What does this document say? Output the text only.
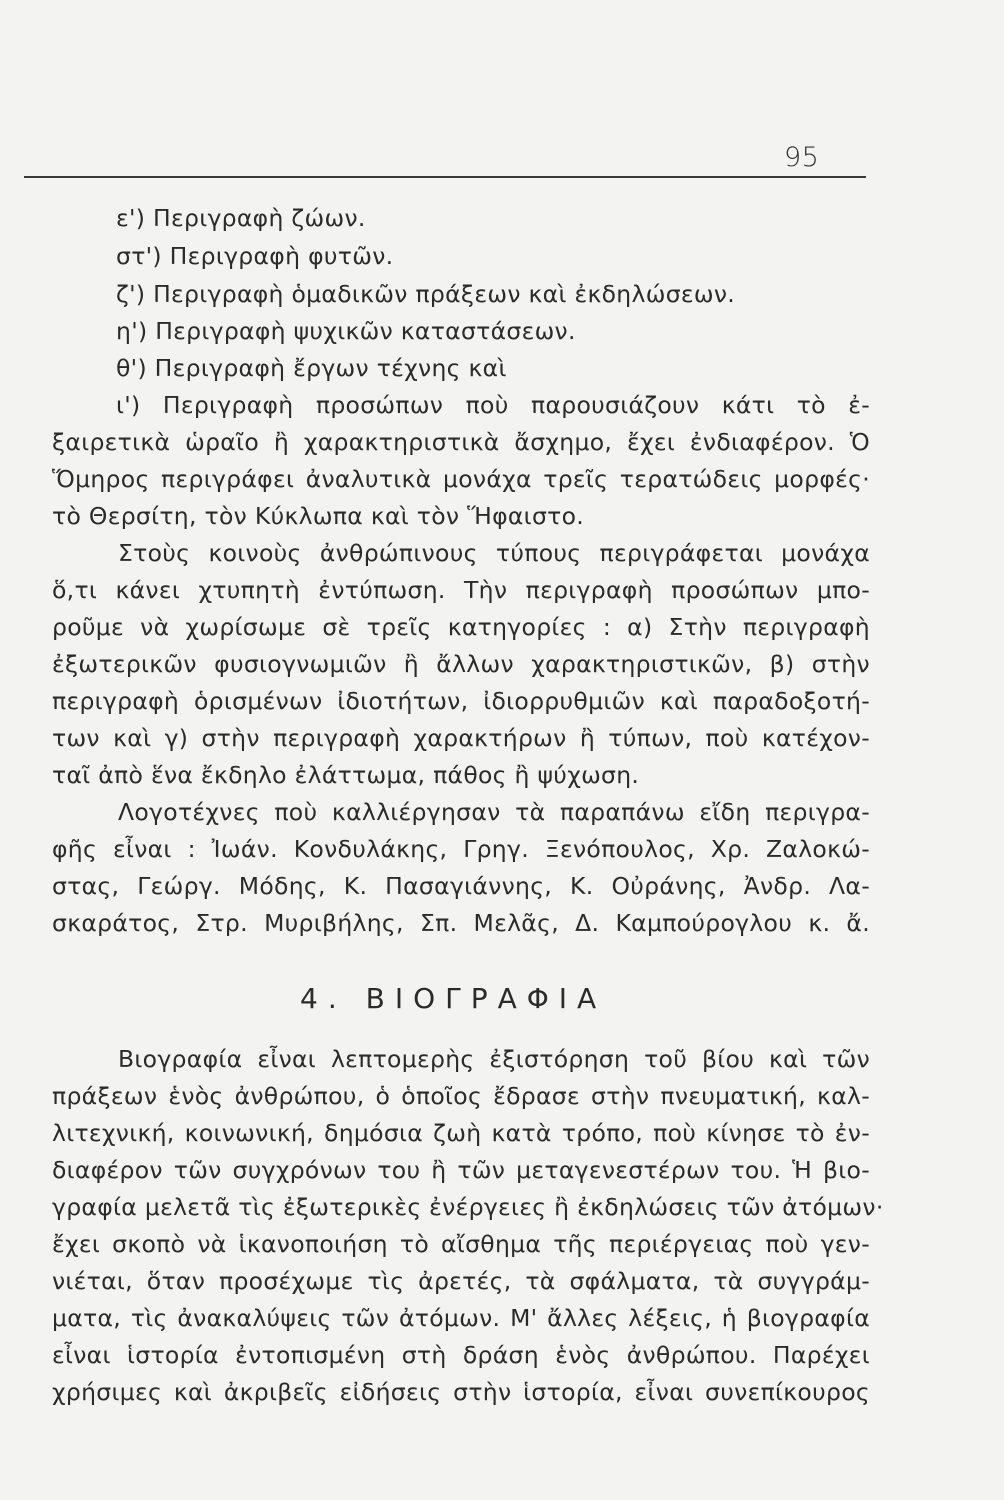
95
ε') Περιγραφὴ ζώων.
στ') Περιγραφὴ φυτῶν.
ζ') Περιγραφὴ ὁμαδικῶν πράξεων καὶ ἐκδηλώσεων.
η') Περιγραφὴ ψυχικῶν καταστάσεων.
θ') Περιγραφὴ ἔργων τέχνης καὶ
ι') Περιγραφὴ προσώπων ποὺ παρουσιάζουν κάτι τὸ ἐ-
ξαιρετικὰ ὡραῖο ἢ χαρακτηριστικὰ ἄσχημο, ἔχει ἐνδιαφέρον. Ὁ
Ὅμηρος περιγράφει ἀναλυτικὰ μονάχα τρεῖς τερατώδεις μορφές·
τὸ Θερσίτη, τὸν Κύκλωπα καὶ τὸν Ἥφαιστο.
Στοὺς κοινοὺς ἀνθρώπινους τύπους περιγράφεται μονάχα
ὅ,τι κάνει χτυπητὴ ἐντύπωση. Τὴν περιγραφὴ προσώπων μπο-
ροῦμε νὰ χωρίσωμε σὲ τρεῖς κατηγορίες : α) Στὴν περιγραφὴ
ἐξωτερικῶν φυσιογνωμιῶν ἢ ἄλλων χαρακτηριστικῶν, β) στὴν
περιγραφὴ ὁρισμένων ἰδιοτήτων, ἰδιορρυθμιῶν καὶ παραδοξοτή-
των καὶ γ) στὴν περιγραφὴ χαρακτήρων ἢ τύπων, ποὺ κατέχον-
ταῖ ἀπὸ ἕνα ἔκδηλο ἐλάττωμα, πάθος ἢ ψύχωση.
Λογοτέχνες ποὺ καλλιέργησαν τὰ παραπάνω εἴδη περιγρα-
φῆς εἶναι : Ἰωάν. Κονδυλάκης, Γρηγ. Ξενόπουλος, Χρ. Ζαλοκώ-
στας, Γεώργ. Μόδης, Κ. Πασαγιάννης, Κ. Οὐράνης, Ἀνδρ. Λα-
σκαράτος, Στρ. Μυριβήλης, Σπ. Μελᾶς, Δ. Καμπούρογλου κ. ἄ.
4. ΒΙΟΓΡΑΦΙΑ
Βιογραφία εἶναι λεπτομερὴς ἐξιστόρηση τοῦ βίου καὶ τῶν
πράξεων ἑνὸς ἀνθρώπου, ὁ ὁποῖος ἔδρασε στὴν πνευματική, καλ-
λιτεχνική, κοινωνική, δημόσια ζωὴ κατὰ τρόπο, ποὺ κίνησε τὸ ἐν-
διαφέρον τῶν συγχρόνων του ἢ τῶν μεταγενεστέρων του. Ἡ βιο-
γραφία μελετᾶ τὶς ἐξωτερικὲς ἐνέργειες ἢ ἐκδηλώσεις τῶν ἀτόμων·
ἔχει σκοπὸ νὰ ἱκανοποιήση τὸ αἴσθημα τῆς περιέργειας ποὺ γεν-
νιέται, ὅταν προσέχωμε τὶς ἀρετές, τὰ σφάλματα, τὰ συγγράμ-
ματα, τὶς ἀνακαλύψεις τῶν ἀτόμων. Μ' ἄλλες λέξεις, ἡ βιογραφία
εἶναι ἱστορία ἐντοπισμένη στὴ δράση ἑνὸς ἀνθρώπου. Παρέχει
χρήσιμες καὶ ἀκριβεῖς εἰδήσεις στὴν ἱστορία, εἶναι συνεπίκουρος
